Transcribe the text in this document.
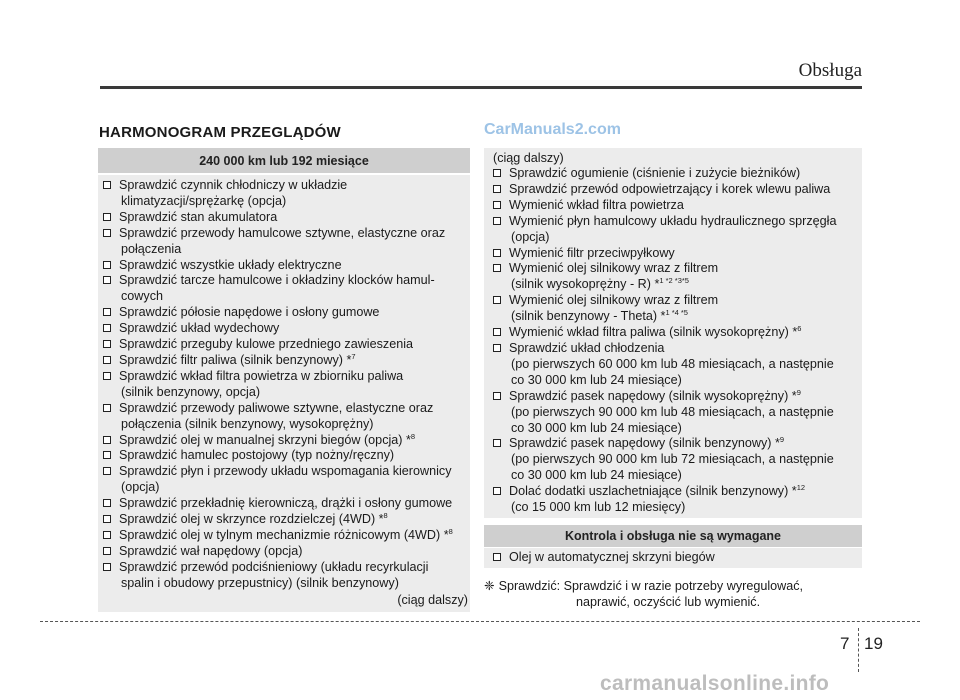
Obsługa
HARMONOGRAM PRZEGLĄDÓW	CarManuals2.com
240 000 km lub 192 miesiące
Sprawdzić czynnik chłodniczy w układzie
klimatyzacji/sprężarkę (opcja)
Sprawdzić stan akumulatora
Sprawdzić przewody hamulcowe sztywne, elastyczne oraz
połączenia
Sprawdzić wszystkie układy elektryczne
Sprawdzić tarcze hamulcowe i okładziny klocków hamul-
cowych
Sprawdzić półosie napędowe i osłony gumowe
Sprawdzić układ wydechowy
Sprawdzić przeguby kulowe przedniego zawieszenia
Sprawdzić filtr paliwa (silnik benzynowy) *$^7$
Sprawdzić wkład filtra powietrza w zbiorniku paliwa
(silnik benzynowy, opcja)
Sprawdzić przewody paliwowe sztywne, elastyczne oraz
połączenia (silnik benzynowy, wysokoprężny)
Sprawdzić olej w manualnej skrzyni biegów (opcja) *$^8$
Sprawdzić hamulec postojowy (typ nożny/ręczny)
Sprawdzić płyn i przewody układu wspomagania kierownicy
(opcja)
Sprawdzić przekładnię kierowniczą, drążki i osłony gumowe
Sprawdzić olej w skrzynce rozdzielczej (4WD) *$^8$
Sprawdzić olej w tylnym mechanizmie różnicowym (4WD) *$^8$
Sprawdzić wał napędowy (opcja)
Sprawdzić przewód podciśnieniowy (układu recyrkulacji
spalin i obudowy przepustnicy) (silnik benzynowy)
(ciąg dalszy)
(ciąg dalszy)
Sprawdzić ogumienie (ciśnienie i zużycie bieżników)
Sprawdzić przewód odpowietrzający i korek wlewu paliwa
Wymienić wkład filtra powietrza
Wymienić płyn hamulcowy układu hydraulicznego sprzęgła
(opcja)
Wymienić filtr przeciwpyłkowy
Wymienić olej silnikowy wraz z filtrem
(silnik wysokoprężny - R) *$^{1 *2 *3*5}$
Wymienić olej silnikowy wraz z filtrem
(silnik benzynowy - Theta) *$^{1 *4 *5}$
Wymienić wkład filtra paliwa (silnik wysokoprężny) *$^6$
Sprawdzić układ chłodzenia
(po pierwszych 60 000 km lub 48 miesiącach, a następnie
co 30 000 km lub 24 miesiące)
Sprawdzić pasek napędowy (silnik wysokoprężny) *$^9$
(po pierwszych 90 000 km lub 48 miesiącach, a następnie
co 30 000 km lub 24 miesiące)
Sprawdzić pasek napędowy (silnik benzynowy) *$^9$
(po pierwszych 90 000 km lub 72 miesiącach, a następnie
co 30 000 km lub 24 miesiące)
Dolać dodatki uszlachetniające (silnik benzynowy) *$^{12}$
(co 15 000 km lub 12 miesięcy)
Kontrola i obsługa nie są wymagane
Olej w automatycznej skrzyni biegów
❈ Sprawdzić: Sprawdzić i w razie potrzeby wyregulować,
naprawić, oczyścić lub wymienić.
7 19
carmanualsonline.info
